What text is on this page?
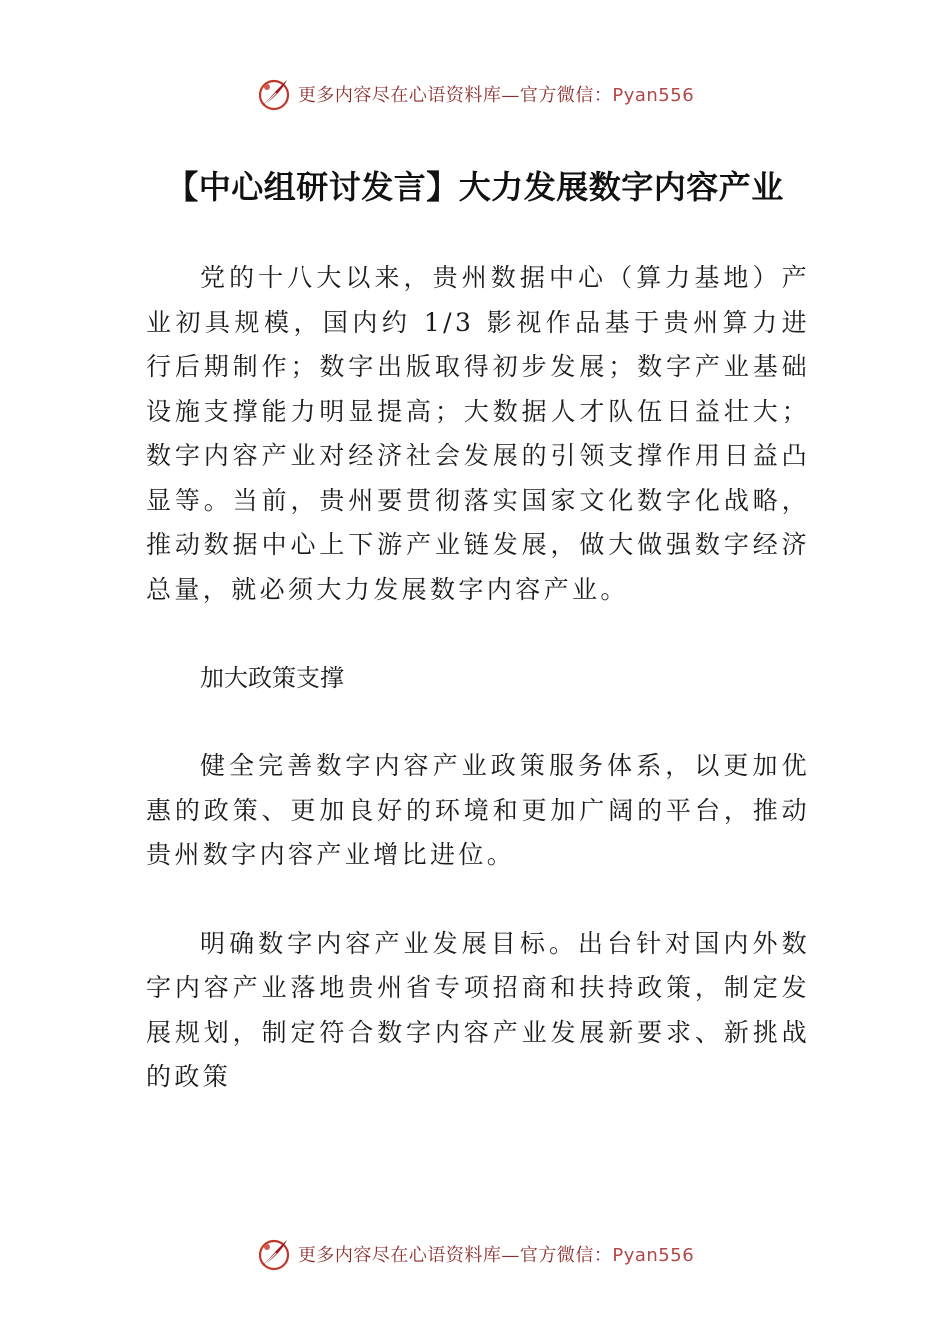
更多内容尽在心语资料库—官方微信：Pyan556
【中心组研讨发言】大力发展数字内容产业

党的十八大以来，贵州数据中心（算力基地）产业初具规模，国内约 1/3 影视作品基于贵州算力进行后期制作；数字出版取得初步发展；数字产业基础设施支撑能力明显提高；大数据人才队伍日益壮大；数字内容产业对经济社会发展的引领支撑作用日益凸显等。当前，贵州要贯彻落实国家文化数字化战略，推动数据中心上下游产业链发展，做大做强数字经济总量，就必须大力发展数字内容产业。

加大政策支撑

健全完善数字内容产业政策服务体系，以更加优惠的政策、更加良好的环境和更加广阔的平台，推动贵州数字内容产业增比进位。

明确数字内容产业发展目标。出台针对国内外数字内容产业落地贵州省专项招商和扶持政策，制定发展规划，制定符合数字内容产业发展新要求、新挑战的政策

更多内容尽在心语资料库—官方微信：Pyan556
